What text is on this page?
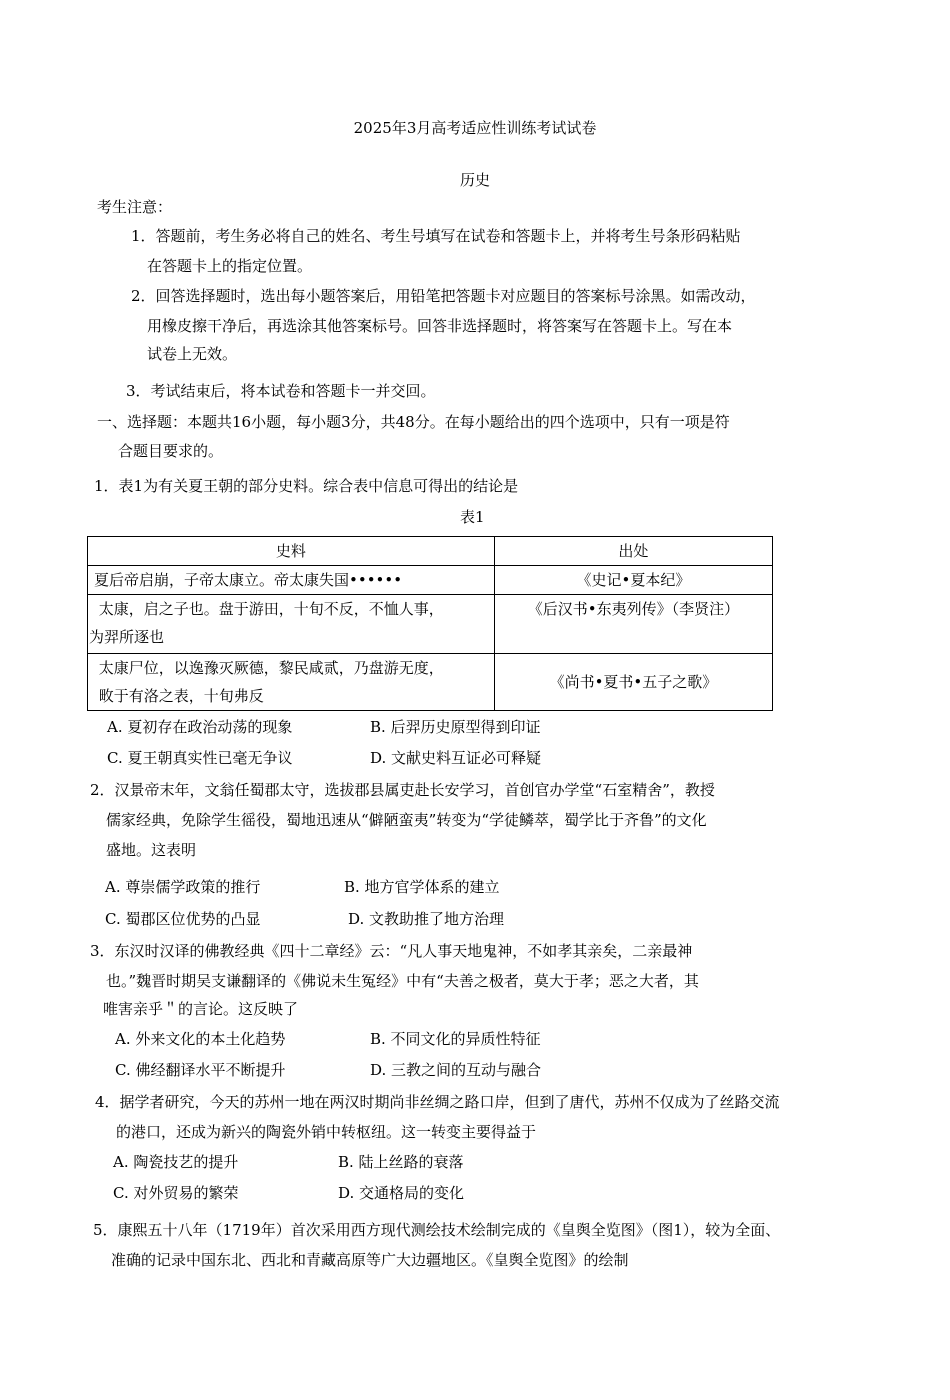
2025年3月高考适应性训练考试试卷
历史
考生注意：
1．答题前，考生务必将自己的姓名、考生号填写在试卷和答题卡上，并将考生号条形码粘贴
在答题卡上的指定位置。
2．回答选择题时，选出每小题答案后，用铅笔把答题卡对应题目的答案标号涂黑。如需改动，
用橡皮擦干净后，再选涂其他答案标号。回答非选择题时，将答案写在答题卡上。写在本
试卷上无效。
3．考试结束后，将本试卷和答题卡一并交回。
一、选择题：本题共16小题，每小题3分，共48分。在每小题给出的四个选项中，只有一项是符
合题目要求的。
1．表1为有关夏王朝的部分史料。综合表中信息可得出的结论是
表1
史料	出处

夏后帝启崩，子帝太康立。帝太康失国••••••	《史记•夏本纪》

太康，启之子也。盘于游田，十旬不反，不恤人事，
为羿所逐也	《后汉书•东夷列传》（李贤注）

太康尸位，以逸豫灭厥德，黎民咸贰，乃盘游无度，
畋于有洛之表，十旬弗反	《尚书•夏书•五子之歌》
A. 夏初存在政治动荡的现象	B. 后羿历史原型得到印证
C. 夏王朝真实性已毫无争议	D. 文献史料互证必可释疑
2．汉景帝末年，文翁任蜀郡太守，选拔郡县属吏赴长安学习，首创官办学堂“石室精舍”，教授
儒家经典，免除学生徭役，蜀地迅速从“僻陋蛮夷”转变为“学徒鳞萃，蜀学比于齐鲁”的文化
盛地。这表明
A. 尊崇儒学政策的推行	B. 地方官学体系的建立
C. 蜀郡区位优势的凸显	D. 文教助推了地方治理
3．东汉时汉译的佛教经典《四十二章经》云：“凡人事天地鬼神，不如孝其亲矣，二亲最神
也。”魏晋时期吴支谦翻译的《佛说未生冤经》中有“夫善之极者，莫大于孝；恶之大者，其
唯害亲乎＂的言论。这反映了
A. 外来文化的本土化趋势	B. 不同文化的异质性特征
C. 佛经翻译水平不断提升	D. 三教之间的互动与融合
4．据学者研究，今天的苏州一地在两汉时期尚非丝绸之路口岸，但到了唐代，苏州不仅成为了丝路交流
的港口，还成为新兴的陶瓷外销中转枢纽。这一转变主要得益于
A. 陶瓷技艺的提升	B. 陆上丝路的衰落
C. 对外贸易的繁荣	D. 交通格局的变化
5．康熙五十八年（1719年）首次采用西方现代测绘技术绘制完成的《皇舆全览图》（图1），较为全面、
准确的记录中国东北、西北和青藏高原等广大边疆地区。《皇舆全览图》的绘制
